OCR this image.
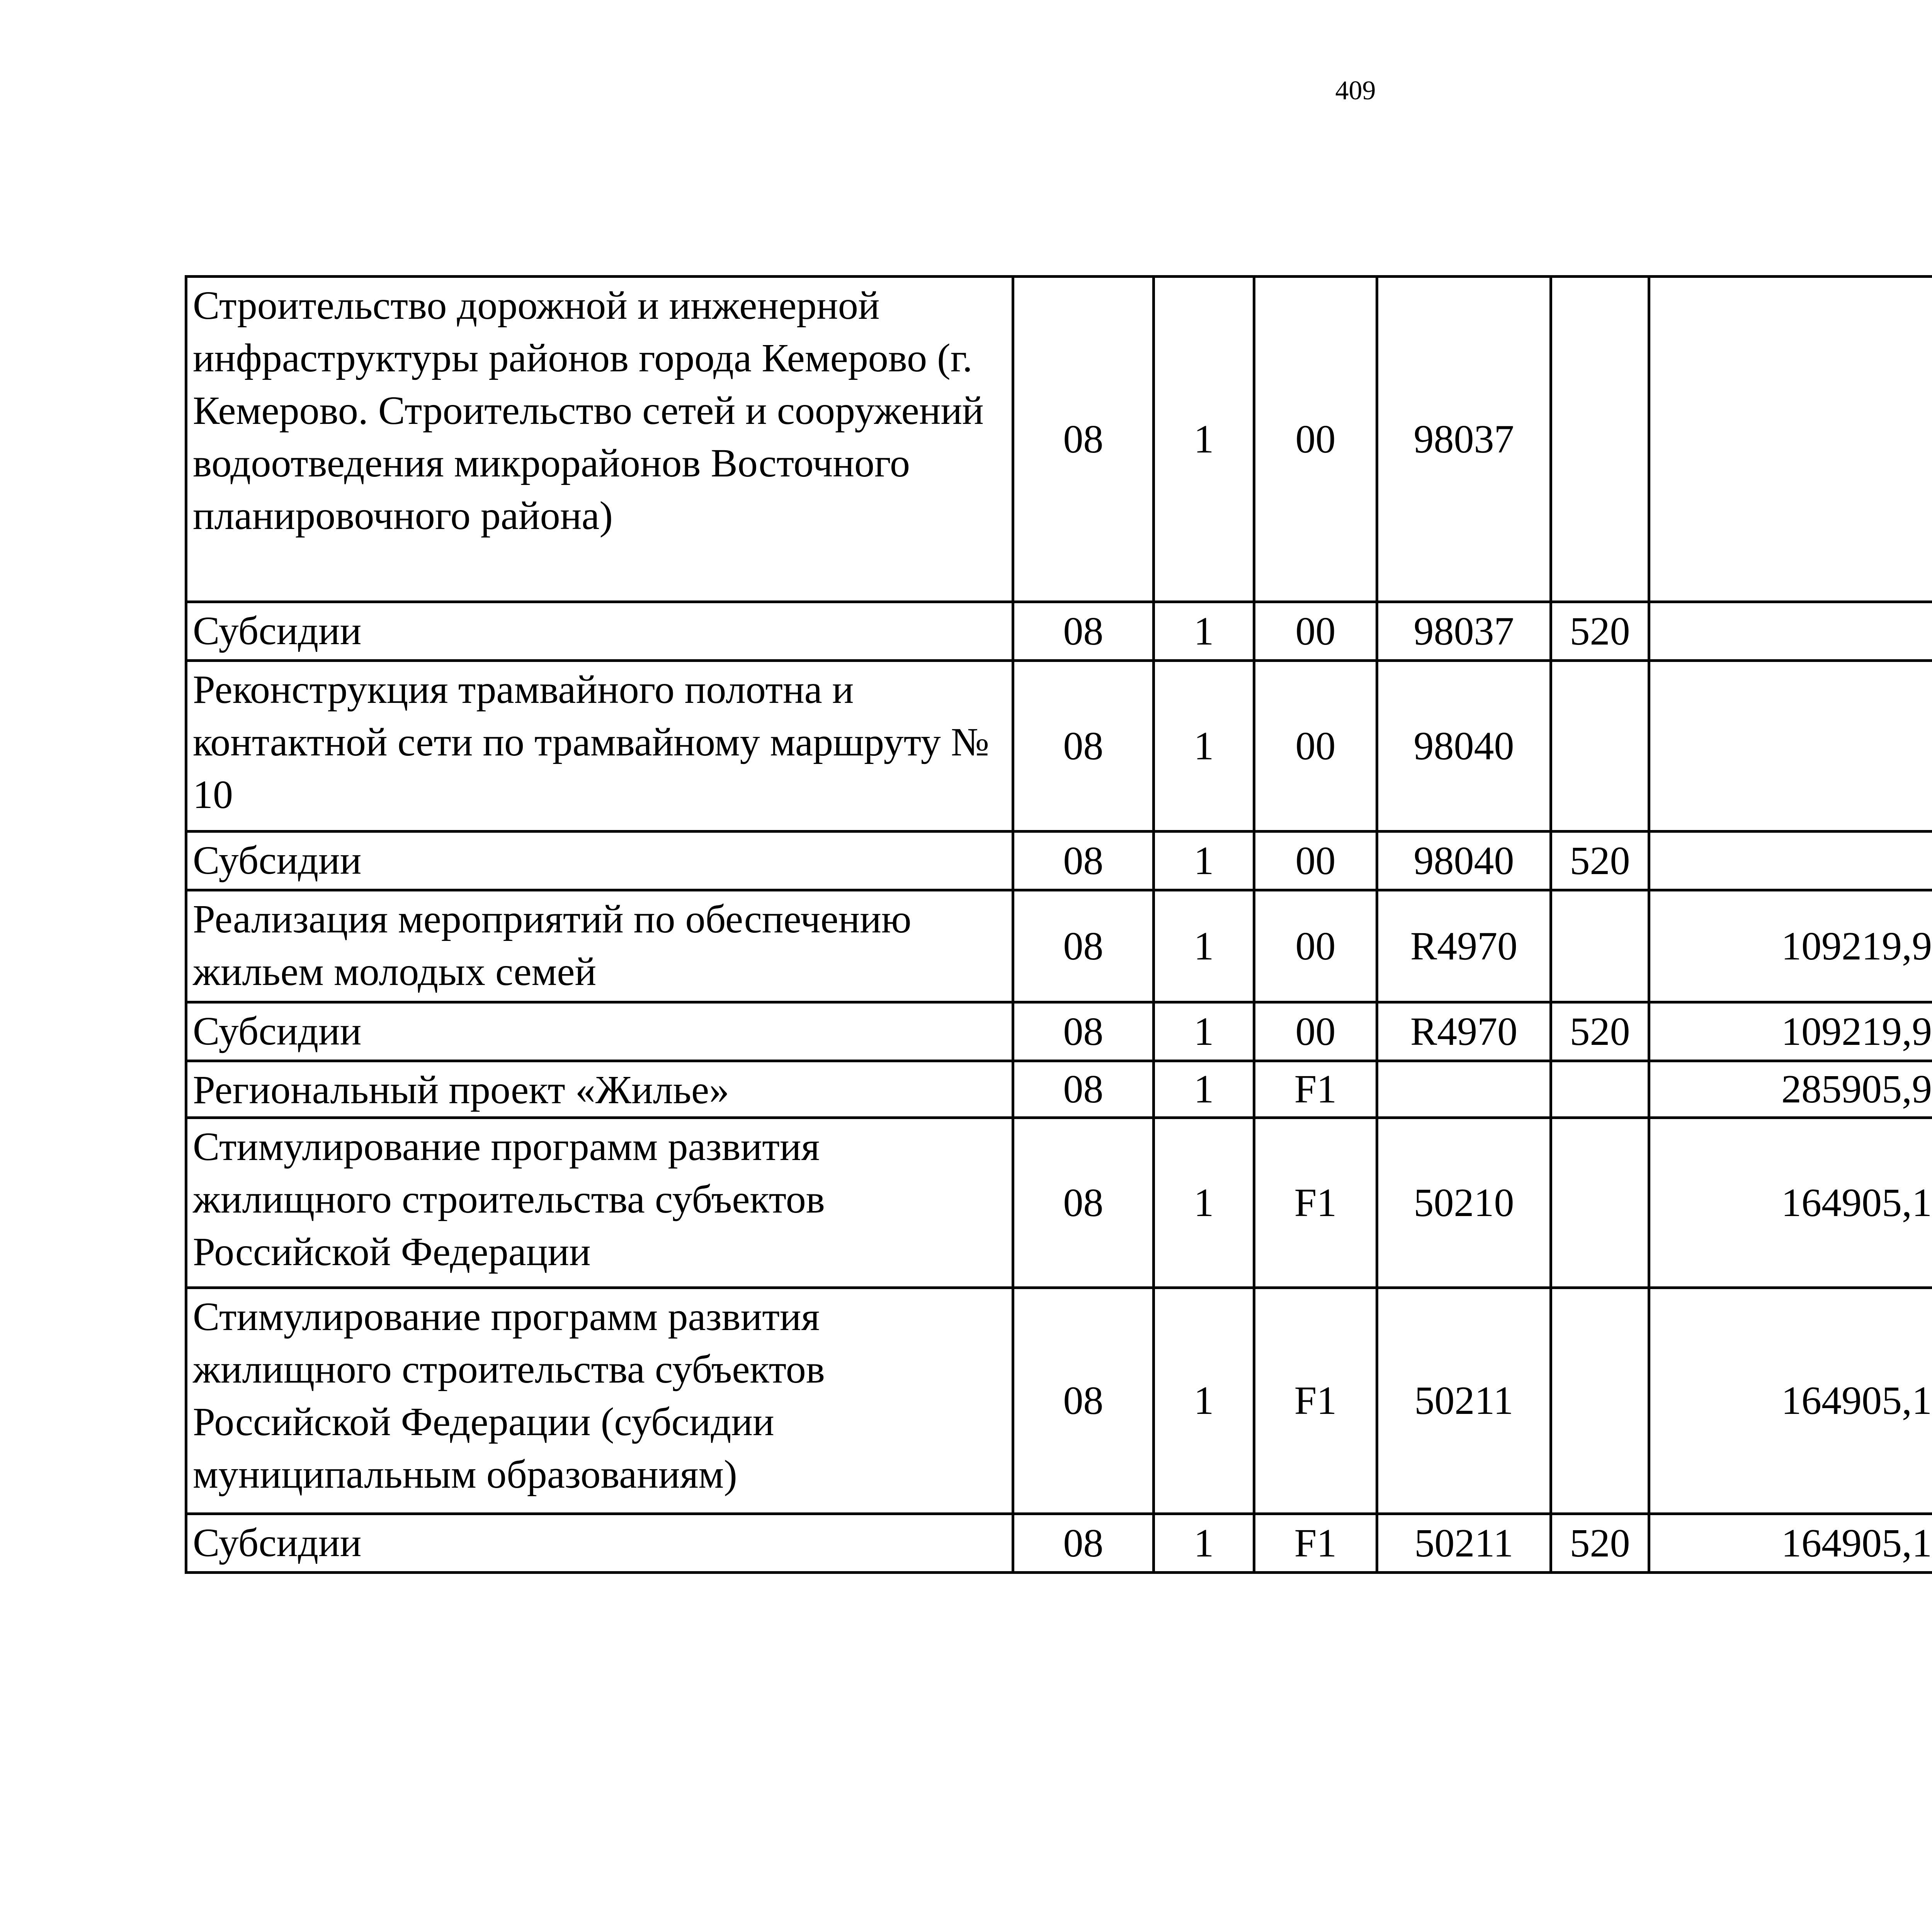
409
Строительство дорожной и инженерной инфраструктуры районов города Кемерово (г. Кемерово. Строительство сетей и сооружений водоотведения микрорайонов Восточного планировочного района)	08	1	00	98037				
Субсидии	08	1	00	98037	520			
Реконструкция трамвайного полотна и контактной сети по трамвайному маршруту № 10	08	1	00	98040				
Субсидии	08	1	00	98040	520			
Реализация мероприятий по обеспечению жильем молодых семей	08	1	00	R4970		109219,9		
Субсидии	08	1	00	R4970	520	109219,9		
Региональный проект «Жилье»	08	1	F1			285905,9		
Стимулирование программ развития жилищного строительства субъектов Российской Федерации	08	1	F1	50210		164905,1		
Стимулирование программ развития жилищного строительства субъектов Российской Федерации (субсидии муниципальным образованиям)	08	1	F1	50211		164905,1		
Субсидии	08	1	F1	50211	520	164905,1		
